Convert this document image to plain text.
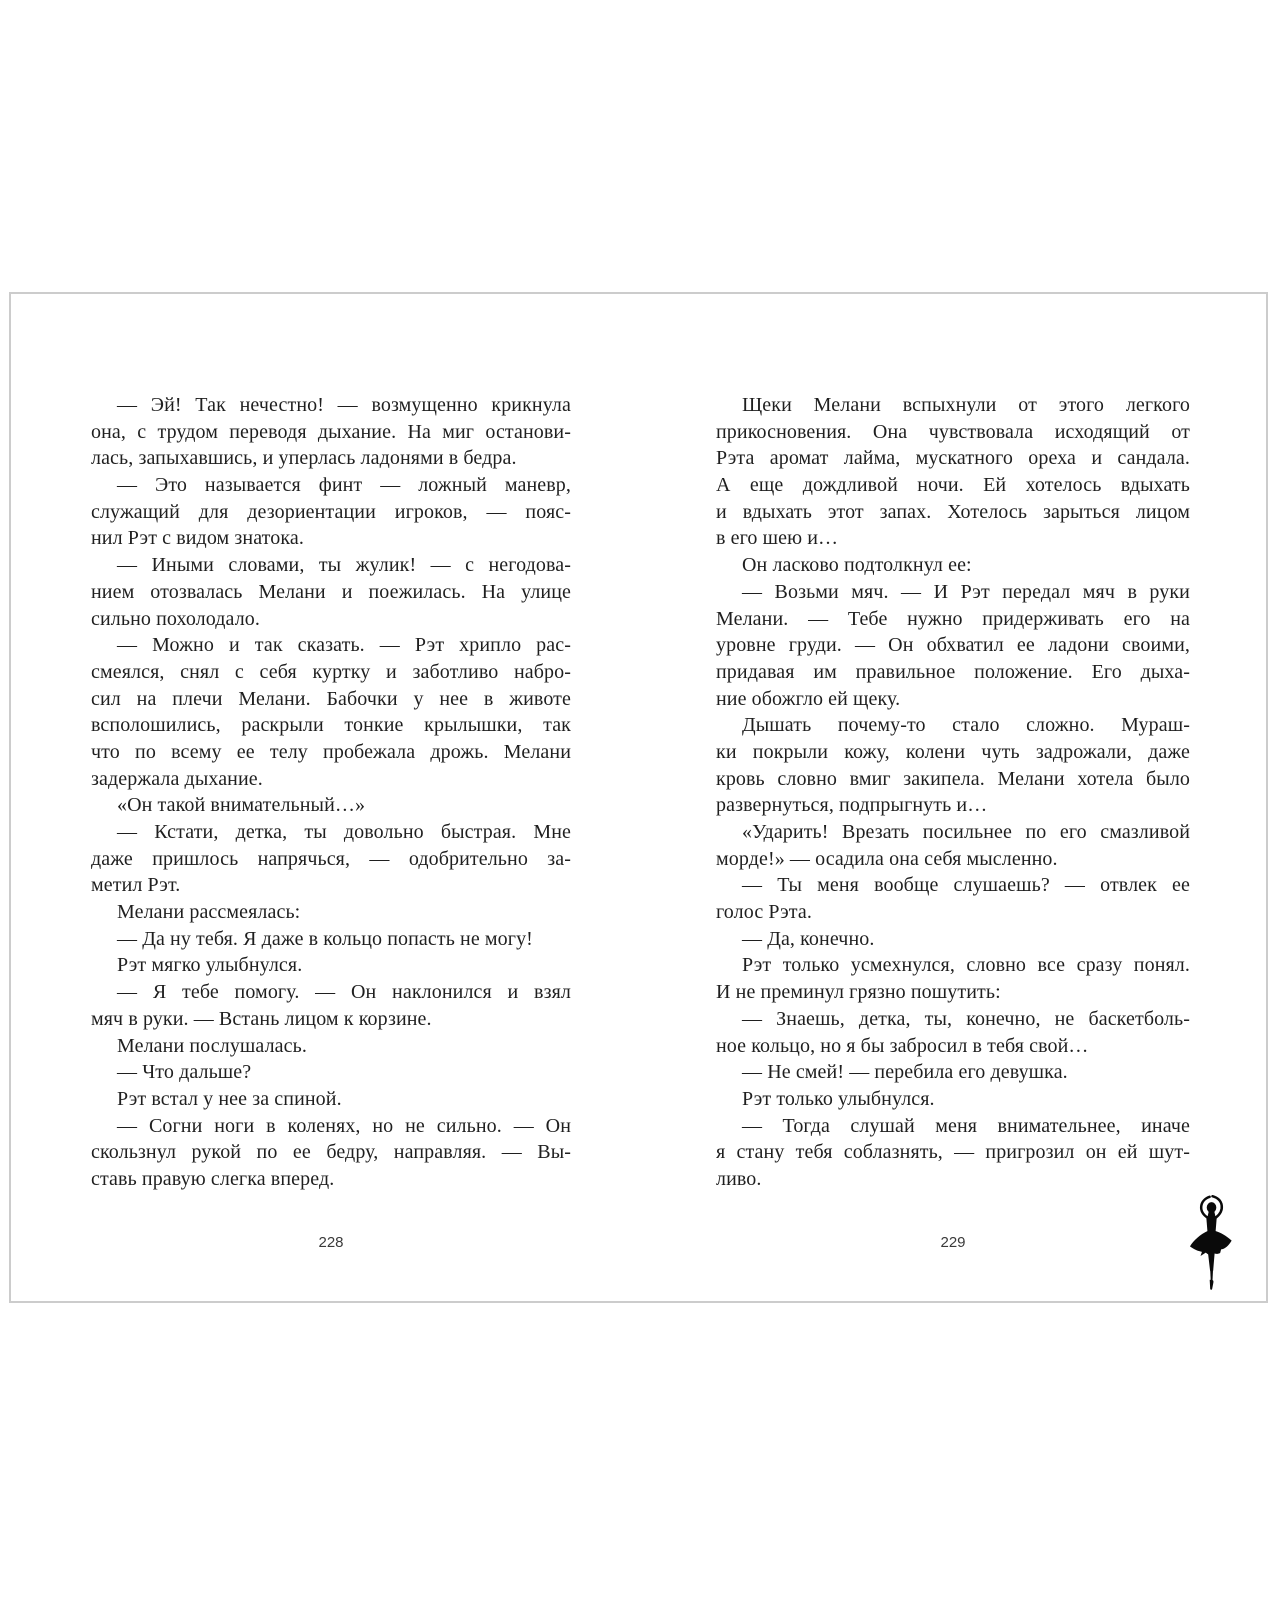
— Эй! Так нечестно! — возмущенно крикнула
она, с трудом переводя дыхание. На миг останови-
лась, запыхавшись, и уперлась ладонями в бедра.
— Это называется финт — ложный маневр,
служащий для дезориентации игроков, — пояс-
нил Рэт с видом знатока.
— Иными словами, ты жулик! — с негодова-
нием отозвалась Мелани и поежилась. На улице
сильно похолодало.
— Можно и так сказать. — Рэт хрипло рас-
смеялся, снял с себя куртку и заботливо набро-
сил на плечи Мелани. Бабочки у нее в животе
всполошились, раскрыли тонкие крылышки, так
что по всему ее телу пробежала дрожь. Мелани
задержала дыхание.
«Он такой внимательный…»
— Кстати, детка, ты довольно быстрая. Мне
даже пришлось напрячься, — одобрительно за-
метил Рэт.
Мелани рассмеялась:
— Да ну тебя. Я даже в кольцо попасть не могу!
Рэт мягко улыбнулся.
— Я тебе помогу. — Он наклонился и взял
мяч в руки. — Встань лицом к корзине.
Мелани послушалась.
— Что дальше?
Рэт встал у нее за спиной.
— Согни ноги в коленях, но не сильно. — Он
скользнул рукой по ее бедру, направляя. — Вы-
ставь правую слегка вперед.
Щеки Мелани вспыхнули от этого легкого
прикосновения. Она чувствовала исходящий от
Рэта аромат лайма, мускатного ореха и сандала.
А еще дождливой ночи. Ей хотелось вдыхать
и вдыхать этот запах. Хотелось зарыться лицом
в его шею и…
Он ласково подтолкнул ее:
— Возьми мяч. — И Рэт передал мяч в руки
Мелани. — Тебе нужно придерживать его на
уровне груди. — Он обхватил ее ладони своими,
придавая им правильное положение. Его дыха-
ние обожгло ей щеку.
Дышать почему-то стало сложно. Мураш-
ки покрыли кожу, колени чуть задрожали, даже
кровь словно вмиг закипела. Мелани хотела было
развернуться, подпрыгнуть и…
«Ударить! Врезать посильнее по его смазливой
морде!» — осадила она себя мысленно.
— Ты меня вообще слушаешь? — отвлек ее
голос Рэта.
— Да, конечно.
Рэт только усмехнулся, словно все сразу понял.
И не преминул грязно пошутить:
— Знаешь, детка, ты, конечно, не баскетболь-
ное кольцо, но я бы забросил в тебя свой…
— Не смей! — перебила его девушка.
Рэт только улыбнулся.
— Тогда слушай меня внимательнее, иначе
я стану тебя соблазнять, — пригрозил он ей шут-
ливо.
228	229
